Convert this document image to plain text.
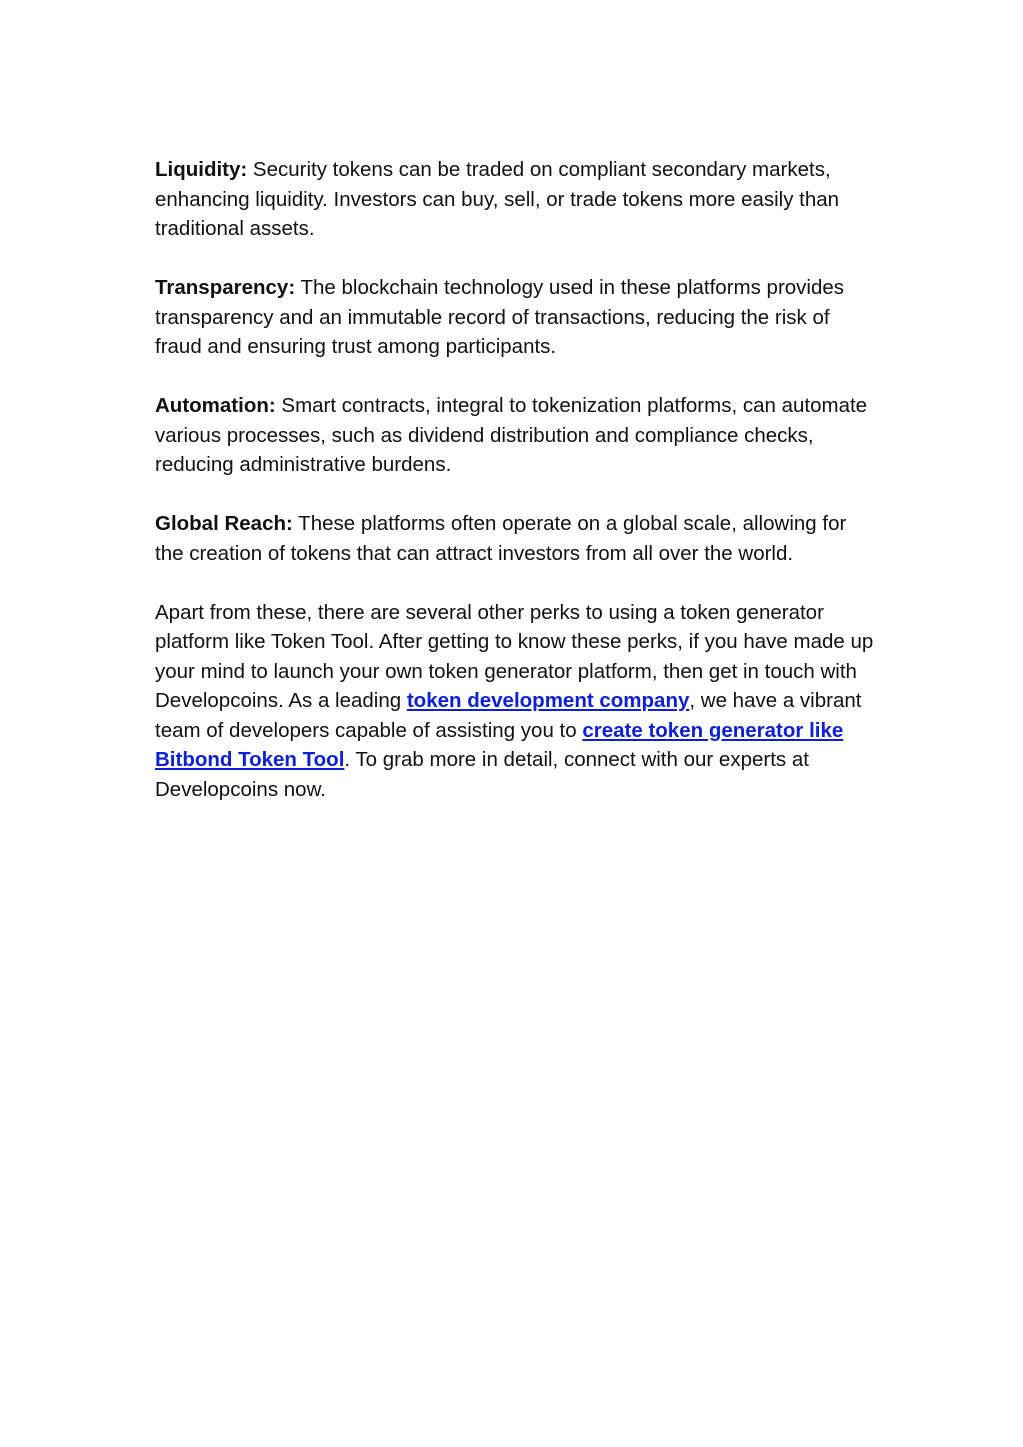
Liquidity: Security tokens can be traded on compliant secondary markets, enhancing liquidity. Investors can buy, sell, or trade tokens more easily than traditional assets.

Transparency: The blockchain technology used in these platforms provides transparency and an immutable record of transactions, reducing the risk of fraud and ensuring trust among participants.

Automation: Smart contracts, integral to tokenization platforms, can automate various processes, such as dividend distribution and compliance checks, reducing administrative burdens.

Global Reach: These platforms often operate on a global scale, allowing for the creation of tokens that can attract investors from all over the world.

Apart from these, there are several other perks to using a token generator platform like Token Tool. After getting to know these perks, if you have made up your mind to launch your own token generator platform, then get in touch with Developcoins. As a leading token development company, we have a vibrant team of developers capable of assisting you to create token generator like Bitbond Token Tool. To grab more in detail, connect with our experts at Developcoins now.
